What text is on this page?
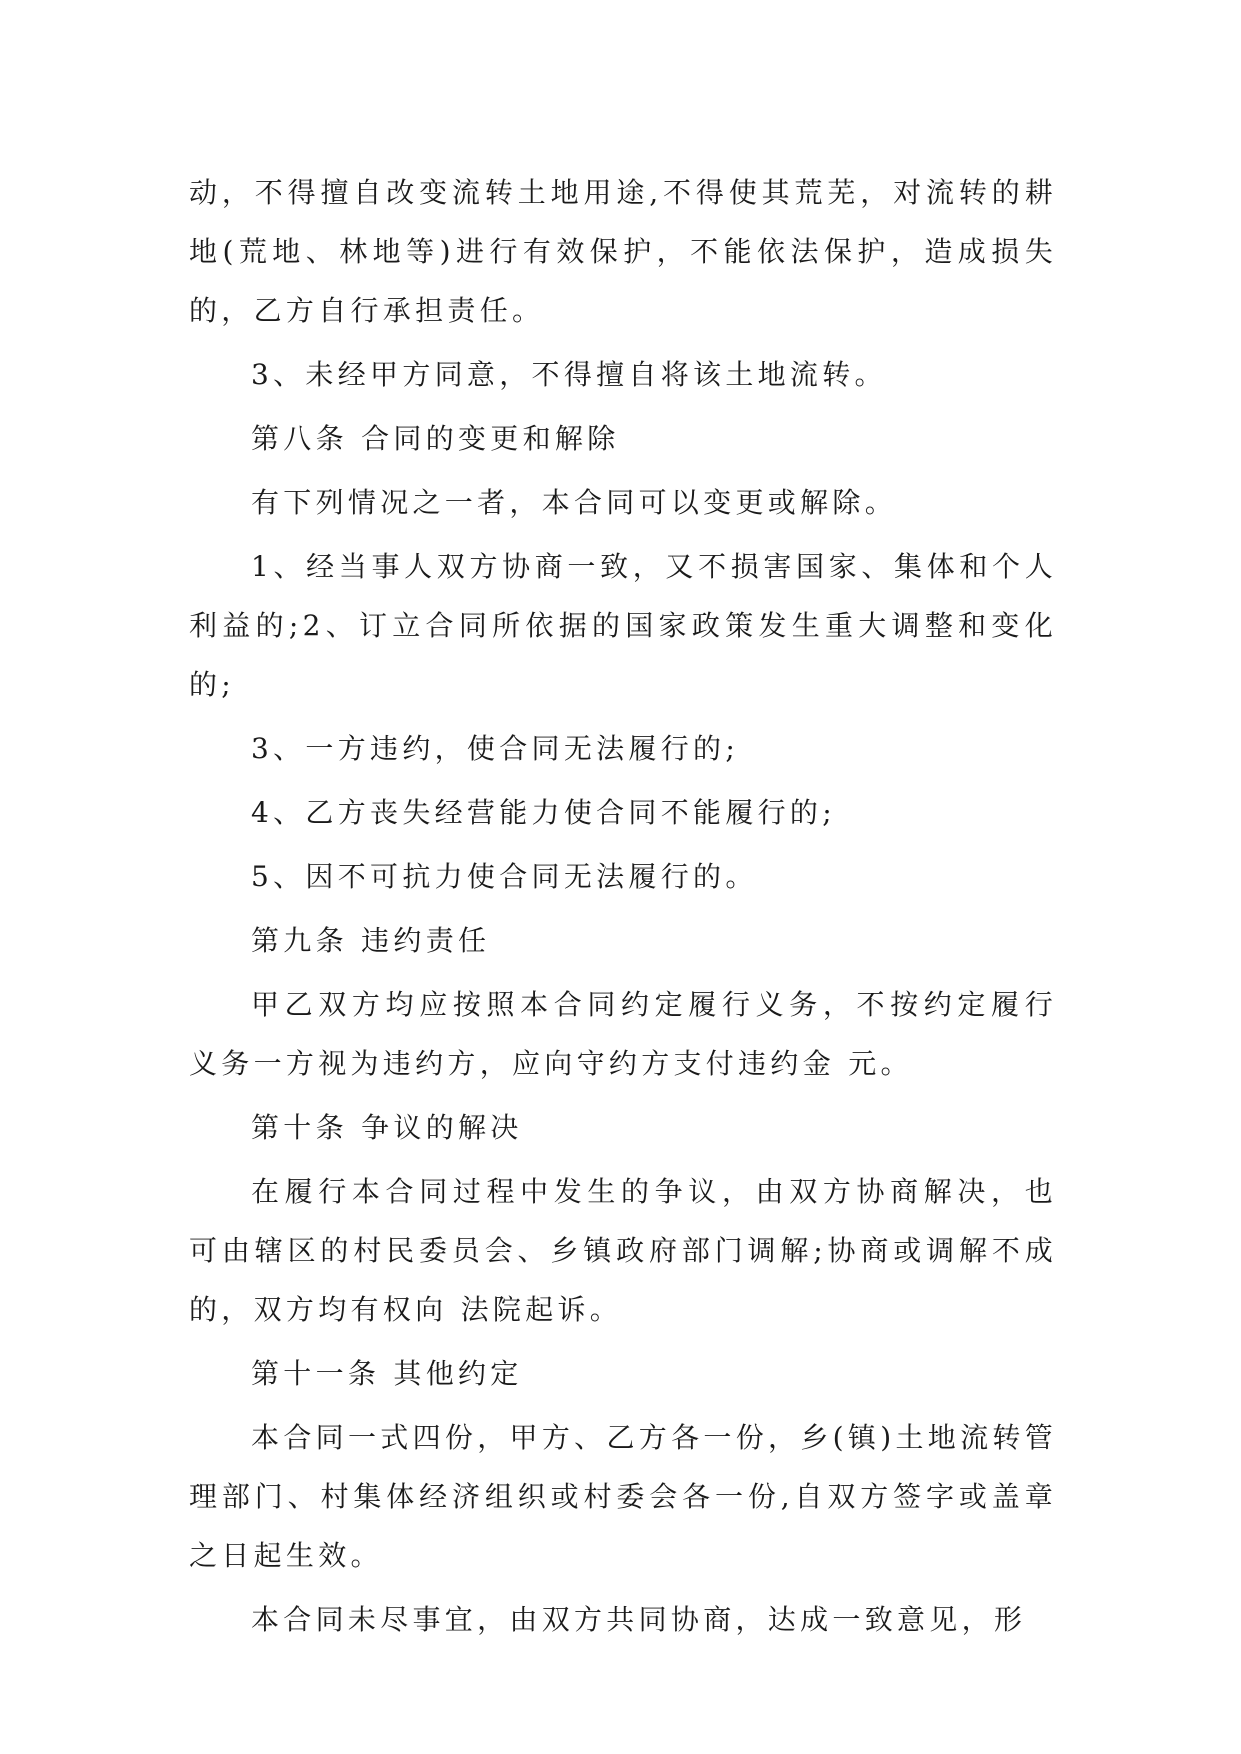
动，不得擅自改变流转土地用途,不得使其荒芜，对流转的耕地(荒地、林地等)进行有效保护，不能依法保护，造成损失的，乙方自行承担责任。

3、未经甲方同意，不得擅自将该土地流转。

第八条 合同的变更和解除

有下列情况之一者，本合同可以变更或解除。

1、经当事人双方协商一致，又不损害国家、集体和个人利益的;2、订立合同所依据的国家政策发生重大调整和变化的;

3、一方违约，使合同无法履行的;

4、乙方丧失经营能力使合同不能履行的;

5、因不可抗力使合同无法履行的。

第九条 违约责任

甲乙双方均应按照本合同约定履行义务，不按约定履行义务一方视为违约方，应向守约方支付违约金 元。

第十条 争议的解决

在履行本合同过程中发生的争议，由双方协商解决，也可由辖区的村民委员会、乡镇政府部门调解;协商或调解不成的，双方均有权向 法院起诉。

第十一条 其他约定

本合同一式四份，甲方、乙方各一份，乡(镇)土地流转管理部门、村集体经济组织或村委会各一份,自双方签字或盖章之日起生效。

本合同未尽事宜，由双方共同协商，达成一致意见，形
